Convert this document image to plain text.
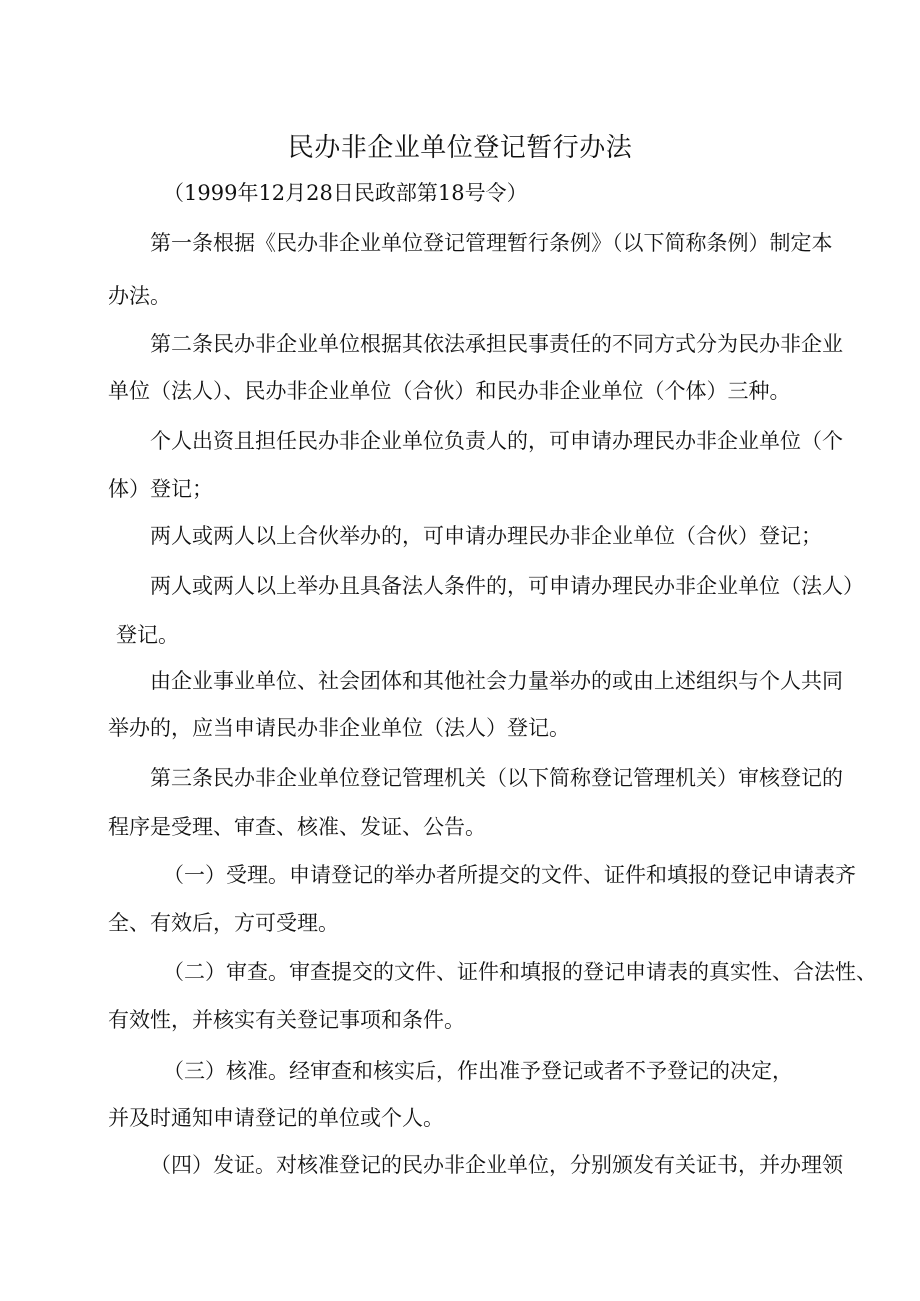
民办非企业单位登记暂行办法
（1999年12月28日民政部第18号令）
第一条根据《民办非企业单位登记管理暂行条例》（以下简称条例）制定本
办法。
第二条民办非企业单位根据其依法承担民事责任的不同方式分为民办非企业
单位（法人）、民办非企业单位（合伙）和民办非企业单位（个体）三种。
个人出资且担任民办非企业单位负责人的，可申请办理民办非企业单位（个
体）登记；
两人或两人以上合伙举办的，可申请办理民办非企业单位（合伙）登记；
两人或两人以上举办且具备法人条件的，可申请办理民办非企业单位（法人）
登记。
由企业事业单位、社会团体和其他社会力量举办的或由上述组织与个人共同
举办的，应当申请民办非企业单位（法人）登记。
第三条民办非企业单位登记管理机关（以下简称登记管理机关）审核登记的
程序是受理、审查、核准、发证、公告。
（一）受理。申请登记的举办者所提交的文件、证件和填报的登记申请表齐
全、有效后，方可受理。
（二）审查。审查提交的文件、证件和填报的登记申请表的真实性、合法性、
有效性，并核实有关登记事项和条件。
（三）核准。经审查和核实后，作出准予登记或者不予登记的决定，
并及时通知申请登记的单位或个人。
（四）发证。对核准登记的民办非企业单位，分别颁发有关证书，并办理领
